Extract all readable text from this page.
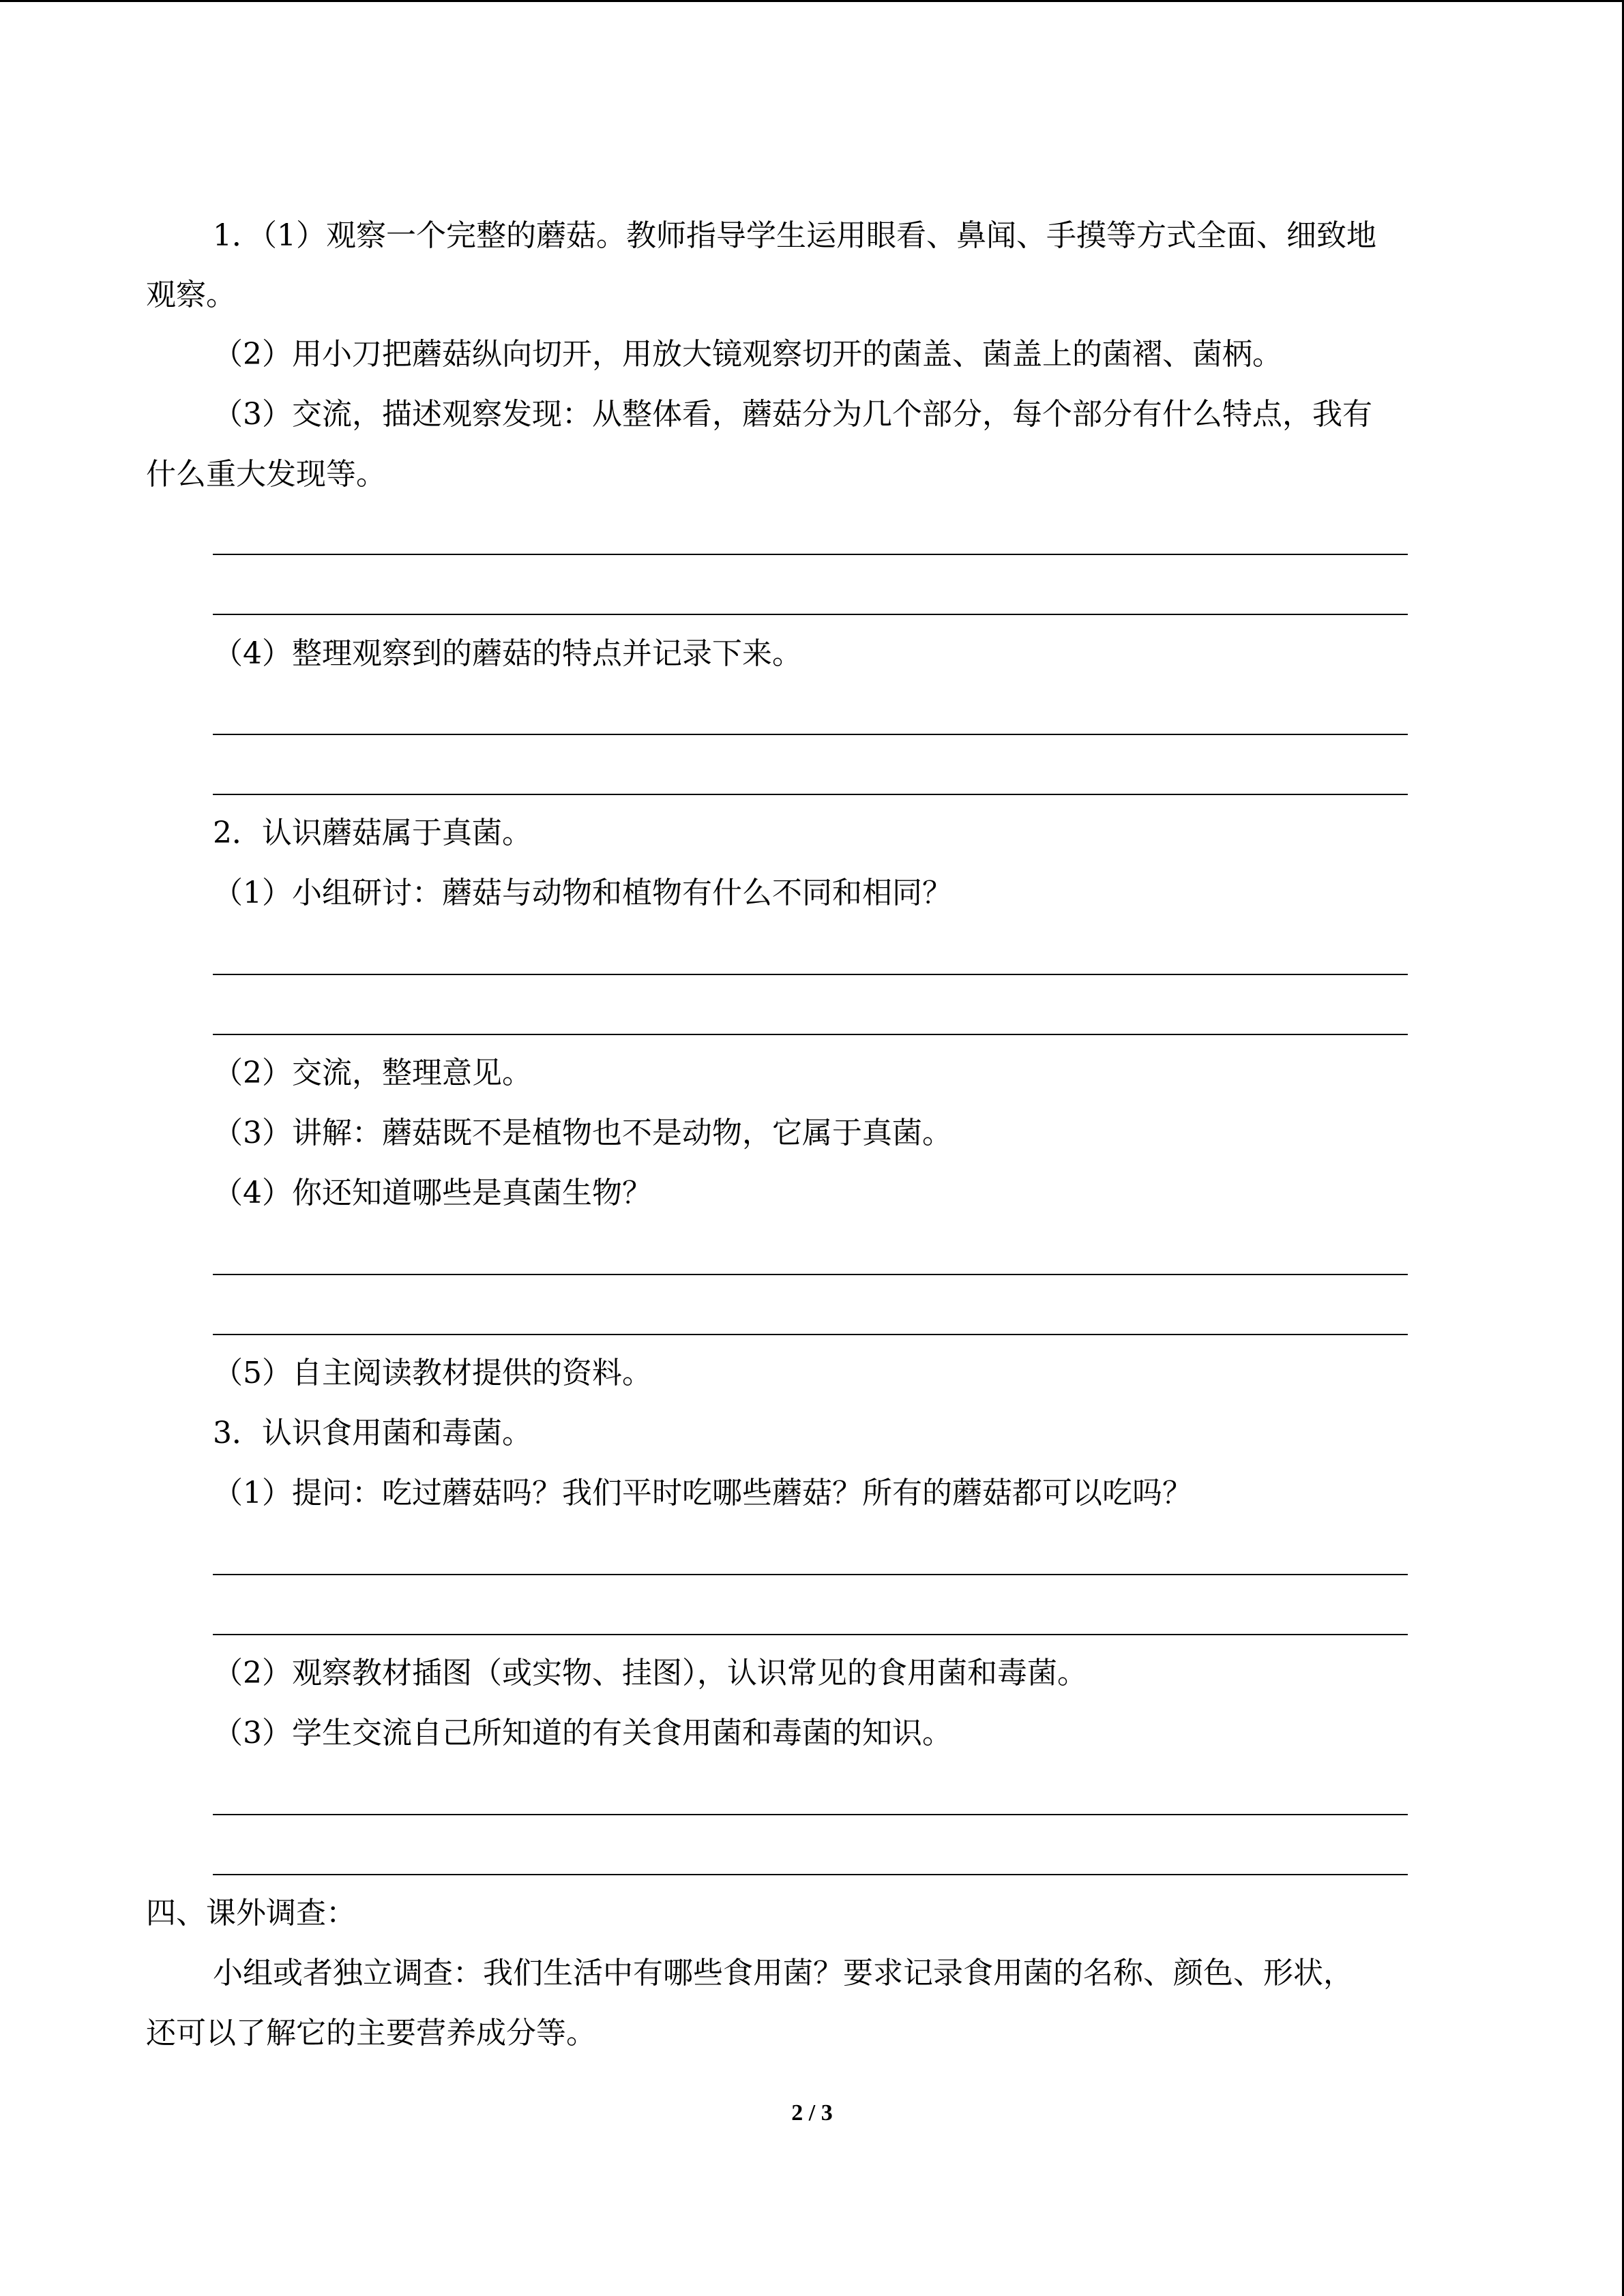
1．（1）观察一个完整的蘑菇。教师指导学生运用眼看、鼻闻、手摸等方式全面、细致地
观察。
（2）用小刀把蘑菇纵向切开，用放大镜观察切开的菌盖、菌盖上的菌褶、菌柄。
（3）交流，描述观察发现：从整体看，蘑菇分为几个部分，每个部分有什么特点，我有
什么重大发现等。
（4）整理观察到的蘑菇的特点并记录下来。
2．认识蘑菇属于真菌。
（1）小组研讨：蘑菇与动物和植物有什么不同和相同？
（2）交流，整理意见。
（3）讲解：蘑菇既不是植物也不是动物，它属于真菌。
（4）你还知道哪些是真菌生物？
（5）自主阅读教材提供的资料。
3．认识食用菌和毒菌。
（1）提问：吃过蘑菇吗？我们平时吃哪些蘑菇？所有的蘑菇都可以吃吗？
（2）观察教材插图（或实物、挂图），认识常见的食用菌和毒菌。
（3）学生交流自己所知道的有关食用菌和毒菌的知识。
四、课外调查：
小组或者独立调查：我们生活中有哪些食用菌？要求记录食用菌的名称、颜色、形状，
还可以了解它的主要营养成分等。
2 / 3
